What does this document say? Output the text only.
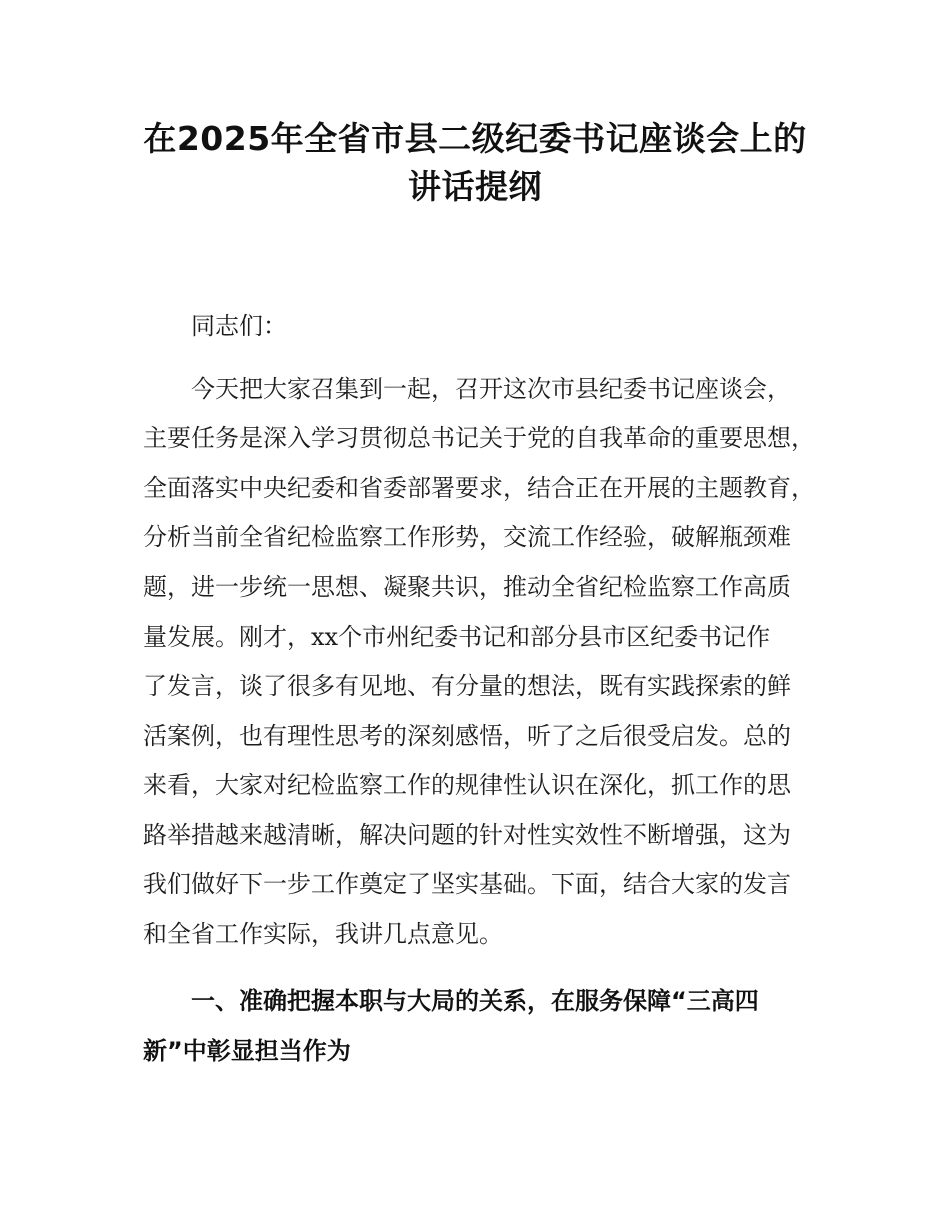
在2025年全省市县二级纪委书记座谈会上的
讲话提纲
同志们：
今天把大家召集到一起，召开这次市县纪委书记座谈会，
主要任务是深入学习贯彻总书记关于党的自我革命的重要思想，
全面落实中央纪委和省委部署要求，结合正在开展的主题教育，
分析当前全省纪检监察工作形势，交流工作经验，破解瓶颈难
题，进一步统一思想、凝聚共识，推动全省纪检监察工作高质
量发展。刚才，xx个市州纪委书记和部分县市区纪委书记作
了发言，谈了很多有见地、有分量的想法，既有实践探索的鲜
活案例，也有理性思考的深刻感悟，听了之后很受启发。总的
来看，大家对纪检监察工作的规律性认识在深化，抓工作的思
路举措越来越清晰，解决问题的针对性实效性不断增强，这为
我们做好下一步工作奠定了坚实基础。下面，结合大家的发言
和全省工作实际，我讲几点意见。
一、准确把握本职与大局的关系，在服务保障“三高四
新”中彰显担当作为
